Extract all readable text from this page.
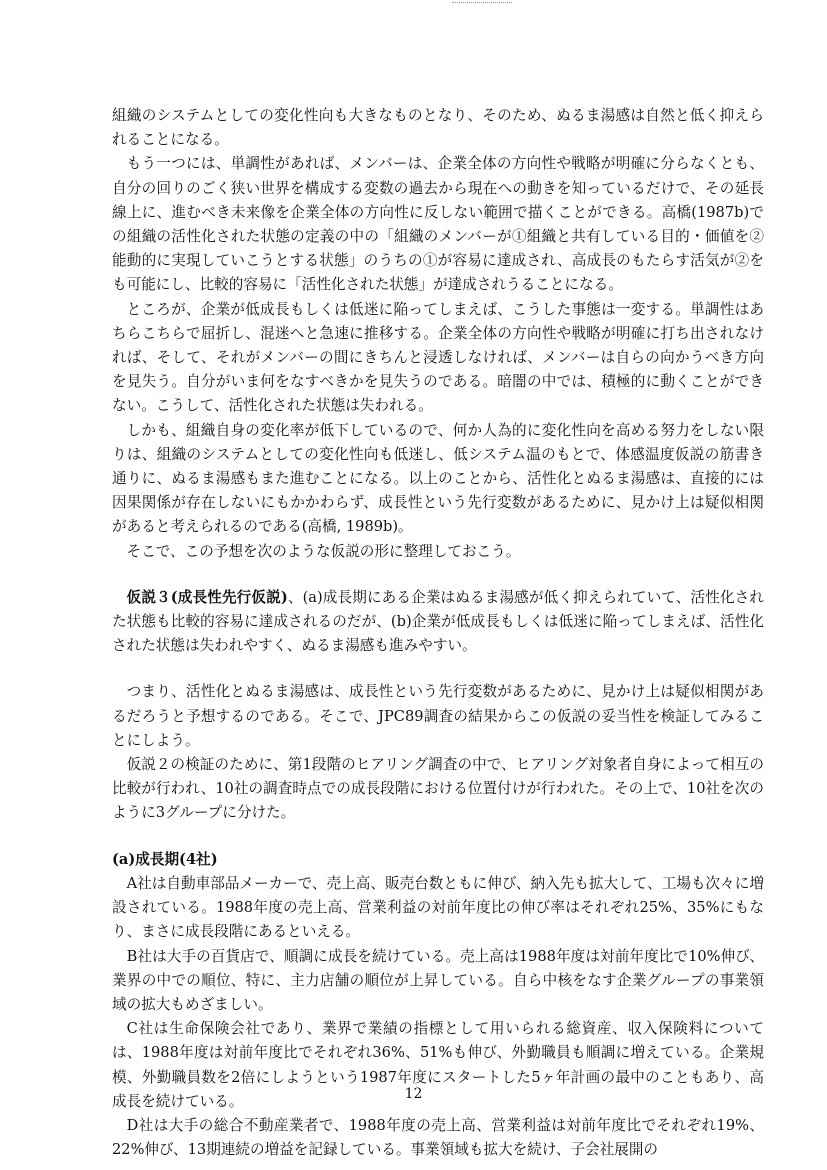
組織のシステムとしての変化性向も大きなものとなり、そのため、ぬるま湯感は自然と低く抑えられることになる。

もう一つには、単調性があれば、メンバーは、企業全体の方向性や戦略が明確に分らなくとも、自分の回りのごく狭い世界を構成する変数の過去から現在への動きを知っているだけで、その延長線上に、進むべき未来像を企業全体の方向性に反しない範囲で描くことができる。高橋(1987b)での組織の活性化された状態の定義の中の「組織のメンバーが①組織と共有している目的・価値を②能動的に実現していこうとする状態」のうちの①が容易に達成され、高成長のもたらす活気が②をも可能にし、比較的容易に「活性化された状態」が達成されうることになる。

ところが、企業が低成長もしくは低迷に陥ってしまえば、こうした事態は一変する。単調性はあちらこちらで屈折し、混迷へと急速に推移する。企業全体の方向性や戦略が明確に打ち出されなければ、そして、それがメンバーの間にきちんと浸透しなければ、メンバーは自らの向かうべき方向を見失う。自分がいま何をなすべきかを見失うのである。暗闇の中では、積極的に動くことができない。こうして、活性化された状態は失われる。

しかも、組織自身の変化率が低下しているので、何か人為的に変化性向を高める努力をしない限りは、組織のシステムとしての変化性向も低迷し、低システム温のもとで、体感温度仮説の筋書き通りに、ぬるま湯感もまた進むことになる。以上のことから、活性化とぬるま湯感は、直接的には因果関係が存在しないにもかかわらず、成長性という先行変数があるために、見かけ上は疑似相関があると考えられるのである(高橋, 1989b)。

そこで、この予想を次のような仮説の形に整理しておこう。

仮説３(成長性先行仮説)、(a)成長期にある企業はぬるま湯感が低く抑えられていて、活性化された状態も比較的容易に達成されるのだが、(b)企業が低成長もしくは低迷に陥ってしまえば、活性化された状態は失われやすく、ぬるま湯感も進みやすい。

つまり、活性化とぬるま湯感は、成長性という先行変数があるために、見かけ上は疑似相関があるだろうと予想するのである。そこで、JPC89調査の結果からこの仮説の妥当性を検証してみることにしよう。

仮説２の検証のために、第1段階のヒアリング調査の中で、ヒアリング対象者自身によって相互の比較が行われ、10社の調査時点での成長段階における位置付けが行われた。その上で、10社を次のように3グループに分けた。

(a)成長期(4社)

A社は自動車部品メーカーで、売上高、販売台数ともに伸び、納入先も拡大して、工場も次々に増設されている。1988年度の売上高、営業利益の対前年度比の伸び率はそれぞれ25%、35%にもなり、まさに成長段階にあるといえる。

B社は大手の百貨店で、順調に成長を続けている。売上高は1988年度は対前年度比で10%伸び、業界の中での順位、特に、主力店舗の順位が上昇している。自ら中核をなす企業グループの事業領域の拡大もめざましい。

C社は生命保険会社であり、業界で業績の指標として用いられる総資産、収入保険料については、1988年度は対前年度比でそれぞれ36%、51%も伸び、外勤職員も順調に増えている。企業規模、外勤職員数を2倍にしようという1987年度にスタートした5ヶ年計画の最中のこともあり、高成長を続けている。

D社は大手の総合不動産業者で、1988年度の売上高、営業利益は対前年度比でそれぞれ19%、22%伸び、13期連続の増益を記録している。事業領域も拡大を続け、子会社展開の

12
